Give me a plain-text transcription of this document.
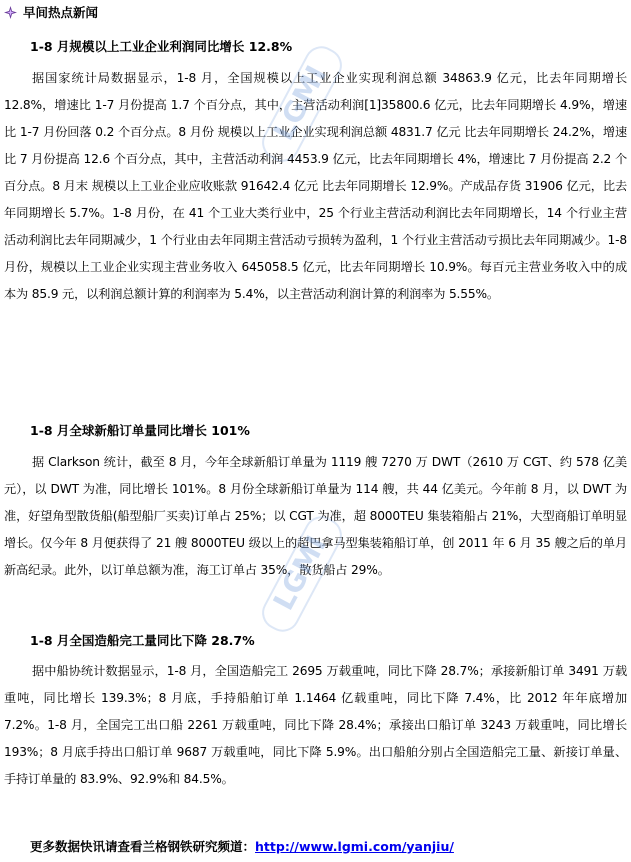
早间热点新闻
1-8 月规模以上工业企业利润同比增长 12.8%
据国家统计局数据显示，1-8 月，全国规模以上工业企业实现利润总额 34863.9 亿元，比去年同期增长 12.8%，增速比 1-7 月份提高 1.7 个百分点，其中，主营活动利润[1]35800.6 亿元，比去年同期增长 4.9%，增速比 1-7 月份回落 0.2 个百分点。8 月份 规模以上工业企业实现利润总额 4831.7 亿元 比去年同期增长 24.2%，增速比 7 月份提高 12.6 个百分点，其中，主营活动利润 4453.9 亿元，比去年同期增长 4%，增速比 7 月份提高 2.2 个百分点。8 月末 规模以上工业企业应收账款 91642.4 亿元 比去年同期增长 12.9%。产成品存货 31906 亿元，比去年同期增长 5.7%。1-8 月份，在 41 个工业大类行业中，25 个行业主营活动利润比去年同期增长，14 个行业主营活动利润比去年同期减少，1 个行业由去年同期主营活动亏损转为盈利，1 个行业主营活动亏损比去年同期减少。1-8 月份，规模以上工业企业实现主营业务收入 645058.5 亿元，比去年同期增长 10.9%。每百元主营业务收入中的成本为 85.9 元，以利润总额计算的利润率为 5.4%，以主营活动利润计算的利润率为 5.55%。
1-8 月全球新船订单量同比增长 101%
据 Clarkson 统计，截至 8 月，今年全球新船订单量为 1119 艘 7270 万 DWT（2610 万 CGT、约 578 亿美元），以 DWT 为准，同比增长 101%。8 月份全球新船订单量为 114 艘，共 44 亿美元。今年前 8 月，以 DWT 为准，好望角型散货船(船型船厂买卖)订单占 25%；以 CGT 为准，超 8000TEU 集装箱船占 21%，大型商船订单明显增长。仅今年 8 月便获得了 21 艘 8000TEU 级以上的超巴拿马型集装箱船订单，创 2011 年 6 月 35 艘之后的单月新高纪录。此外，以订单总额为准，海工订单占 35%，散货船占 29%。
1-8 月全国造船完工量同比下降 28.7%
据中船协统计数据显示，1-8 月，全国造船完工 2695 万载重吨，同比下降 28.7%；承接新船订单 3491 万载重吨，同比增长 139.3%；8 月底，手持船舶订单 1.1464 亿载重吨，同比下降 7.4%，比 2012 年年底增加 7.2%。1-8 月，全国完工出口船 2261 万载重吨，同比下降 28.4%；承接出口船订单 3243 万载重吨，同比增长 193%；8 月底手持出口船订单 9687 万载重吨，同比下降 5.9%。出口船舶分别占全国造船完工量、新接订单量、手持订单量的 83.9%、92.9%和 84.5%。
更多数据快讯请查看兰格钢铁研究频道：http://www.lgmi.com/yanjiu/
LGMI
LGMI
